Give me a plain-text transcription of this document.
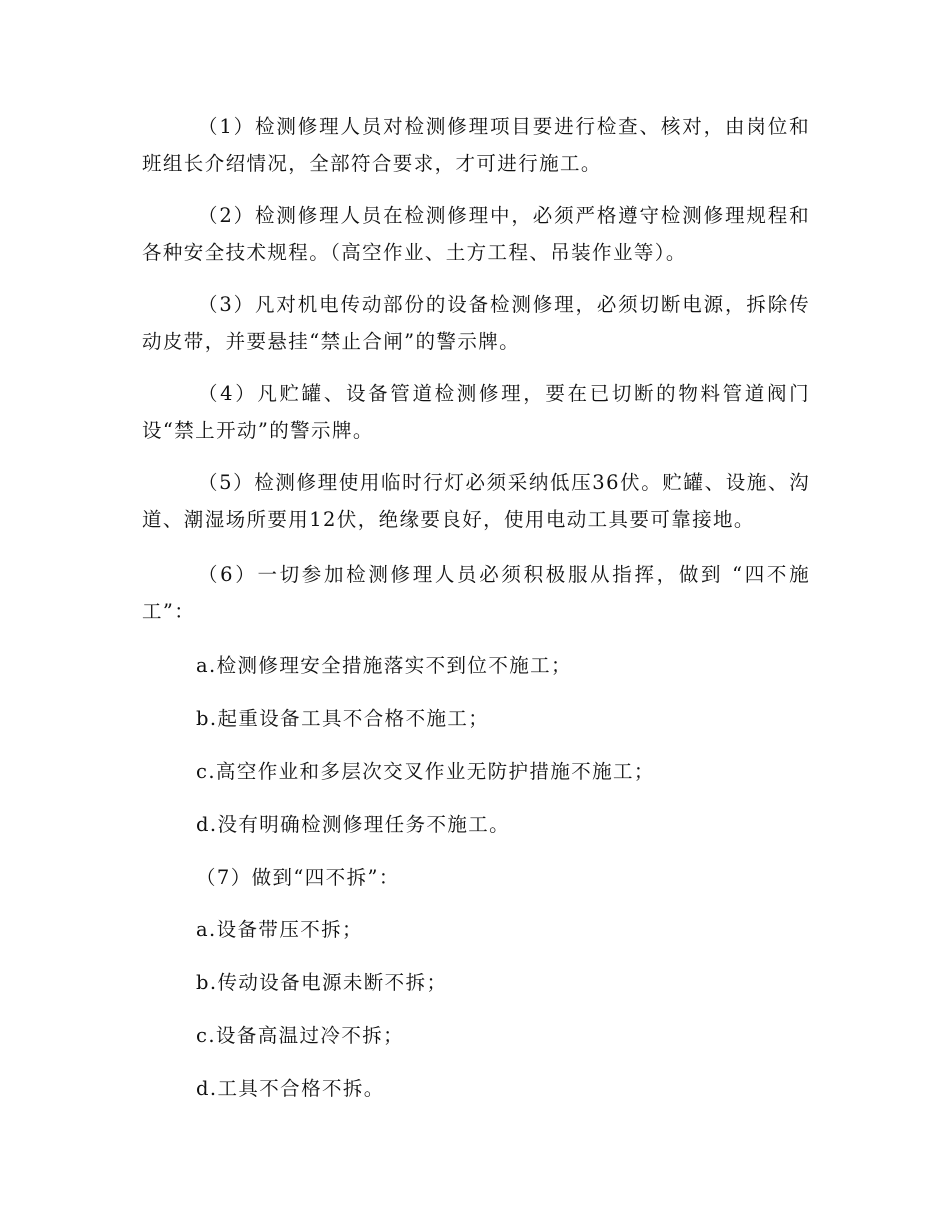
（1）检测修理人员对检测修理项目要进行检查、核对，由岗位和班组长介绍情况，全部符合要求，才可进行施工。

（2）检测修理人员在检测修理中，必须严格遵守检测修理规程和各种安全技术规程。（高空作业、土方工程、吊装作业等）。

（3）凡对机电传动部份的设备检测修理，必须切断电源，拆除传动皮带，并要悬挂“禁止合闸”的警示牌。

（4）凡贮罐、设备管道检测修理，要在已切断的物料管道阀门设“禁上开动”的警示牌。

（5）检测修理使用临时行灯必须采纳低压36伏。贮罐、设施、沟道、潮湿场所要用12伏，绝缘要良好，使用电动工具要可靠接地。

（6）一切参加检测修理人员必须积极服从指挥，做到 “四不施工”：

a.检测修理安全措施落实不到位不施工；

b.起重设备工具不合格不施工；

c.高空作业和多层次交叉作业无防护措施不施工；

d.没有明确检测修理任务不施工。

（7）做到“四不拆”：

a.设备带压不拆；

b.传动设备电源未断不拆；

c.设备高温过冷不拆；

d.工具不合格不拆。
